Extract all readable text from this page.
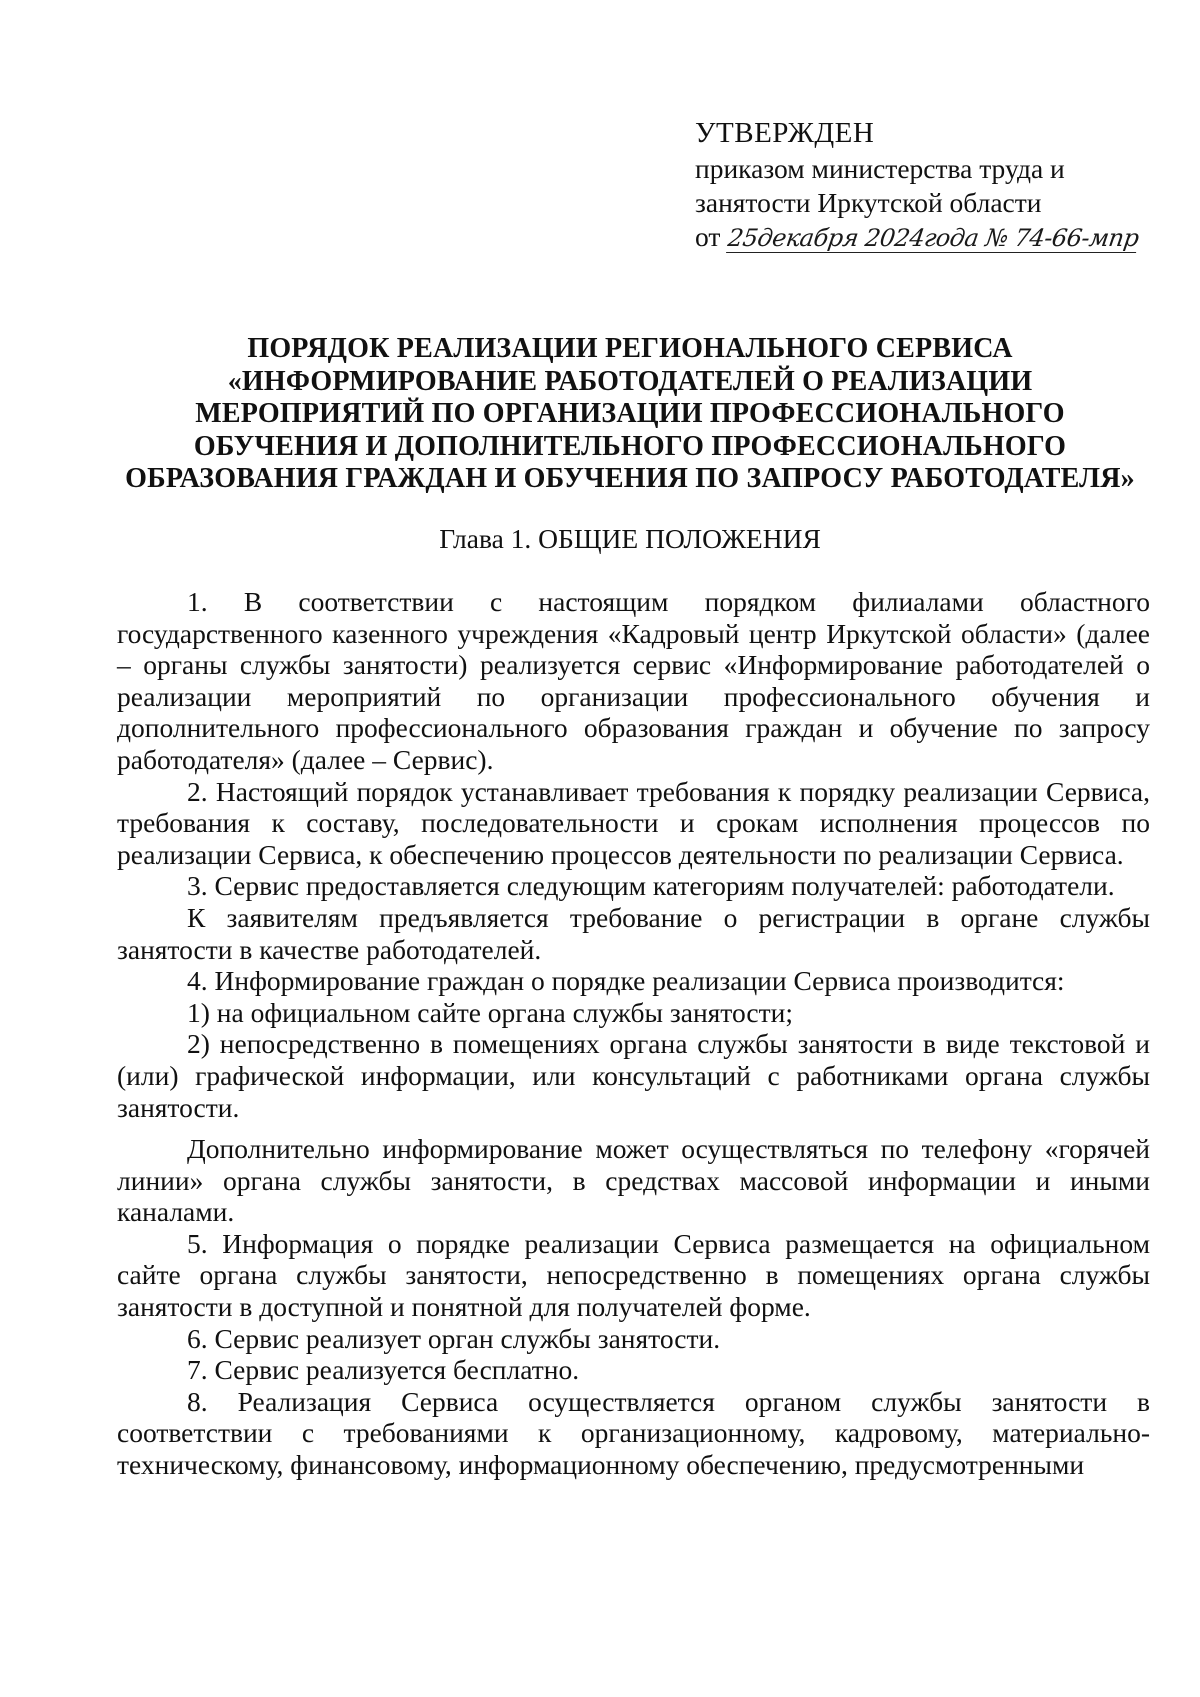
УТВЕРЖДЕН
приказом министерства труда и
занятости Иркутской области
от 25декабря 2024года № 74-66-мпр
ПОРЯДОК РЕАЛИЗАЦИИ РЕГИОНАЛЬНОГО СЕРВИСА
«ИНФОРМИРОВАНИЕ РАБОТОДАТЕЛЕЙ О РЕАЛИЗАЦИИ
МЕРОПРИЯТИЙ ПО ОРГАНИЗАЦИИ ПРОФЕССИОНАЛЬНОГО
ОБУЧЕНИЯ И ДОПОЛНИТЕЛЬНОГО ПРОФЕССИОНАЛЬНОГО
ОБРАЗОВАНИЯ ГРАЖДАН И ОБУЧЕНИЯ ПО ЗАПРОСУ РАБОТОДАТЕЛЯ»
Глава 1. ОБЩИЕ ПОЛОЖЕНИЯ

1. В соответствии с настоящим порядком филиалами областного государственного казенного учреждения «Кадровый центр Иркутской области» (далее – органы службы занятости) реализуется сервис «Информирование работодателей о реализации мероприятий по организации профессионального обучения и дополнительного профессионального образования граждан и обучение по запросу работодателя» (далее – Сервис).

2. Настоящий порядок устанавливает требования к порядку реализации Сервиса, требования к составу, последовательности и срокам исполнения процессов по реализации Сервиса, к обеспечению процессов деятельности по реализации Сервиса.

3. Сервис предоставляется следующим категориям получателей: работодатели.

К заявителям предъявляется требование о регистрации в органе службы занятости в качестве работодателей.

4. Информирование граждан о порядке реализации Сервиса производится:

1) на официальном сайте органа службы занятости;

2) непосредственно в помещениях органа службы занятости в виде текстовой и (или) графической информации, или консультаций с работниками органа службы занятости.

Дополнительно информирование может осуществляться по телефону «горячей линии» органа службы занятости, в средствах массовой информации и иными каналами.

5. Информация о порядке реализации Сервиса размещается на официальном сайте органа службы занятости, непосредственно в помещениях органа службы занятости в доступной и понятной для получателей форме.

6. Сервис реализует орган службы занятости.

7. Сервис реализуется бесплатно.

8. Реализация Сервиса осуществляется органом службы занятости в соответствии с требованиями к организационному, кадровому, материально-техническому, финансовому, информационному обеспечению, предусмотренными
